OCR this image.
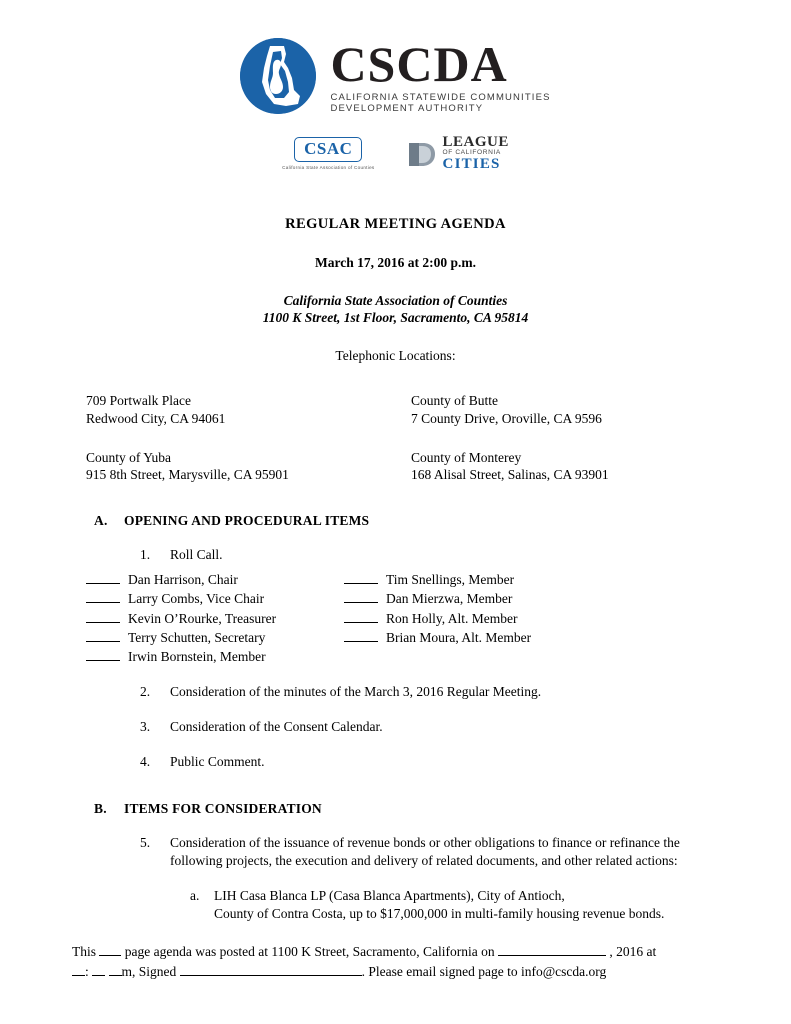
CSCDA
CALIFORNIA STATEWIDE COMMUNITIES
DEVELOPMENT AUTHORITY
CSAC
California State Association of Counties
LEAGUE
OF CALIFORNIA
CITIES
REGULAR MEETING AGENDA
March 17, 2016 at 2:00 p.m.
California State Association of Counties
1100 K Street, 1st Floor, Sacramento, CA 95814
Telephonic Locations:
709 Portwalk Place
Redwood City, CA 94061
County of Butte
7 County Drive, Oroville, CA 9596
County of Yuba
915 8th Street, Marysville, CA 95901
County of Monterey
168 Alisal Street, Salinas, CA 93901
A.	OPENING AND PROCEDURAL ITEMS
1.	Roll Call.
Dan Harrison, Chair
Larry Combs, Vice Chair
Kevin O’Rourke, Treasurer
Terry Schutten, Secretary
Irwin Bornstein, Member
Tim Snellings, Member
Dan Mierzwa, Member
Ron Holly, Alt. Member
Brian Moura, Alt. Member
2.	Consideration of the minutes of the March 3, 2016 Regular Meeting.
3.	Consideration of the Consent Calendar.
4.	Public Comment.
B.	ITEMS FOR CONSIDERATION
5.	Consideration of the issuance of revenue bonds or other obligations to finance or refinance the following projects, the execution and delivery of related documents, and other related actions:
a.	LIH Casa Blanca LP (Casa Blanca Apartments), City of Antioch,
County of Contra Costa, up to $17,000,000 in multi-family housing revenue bonds.
This page agenda was posted at 1100 K Street, Sacramento, California on	, 2016 at
: m, Signed	. Please email signed page to info@cscda.org
